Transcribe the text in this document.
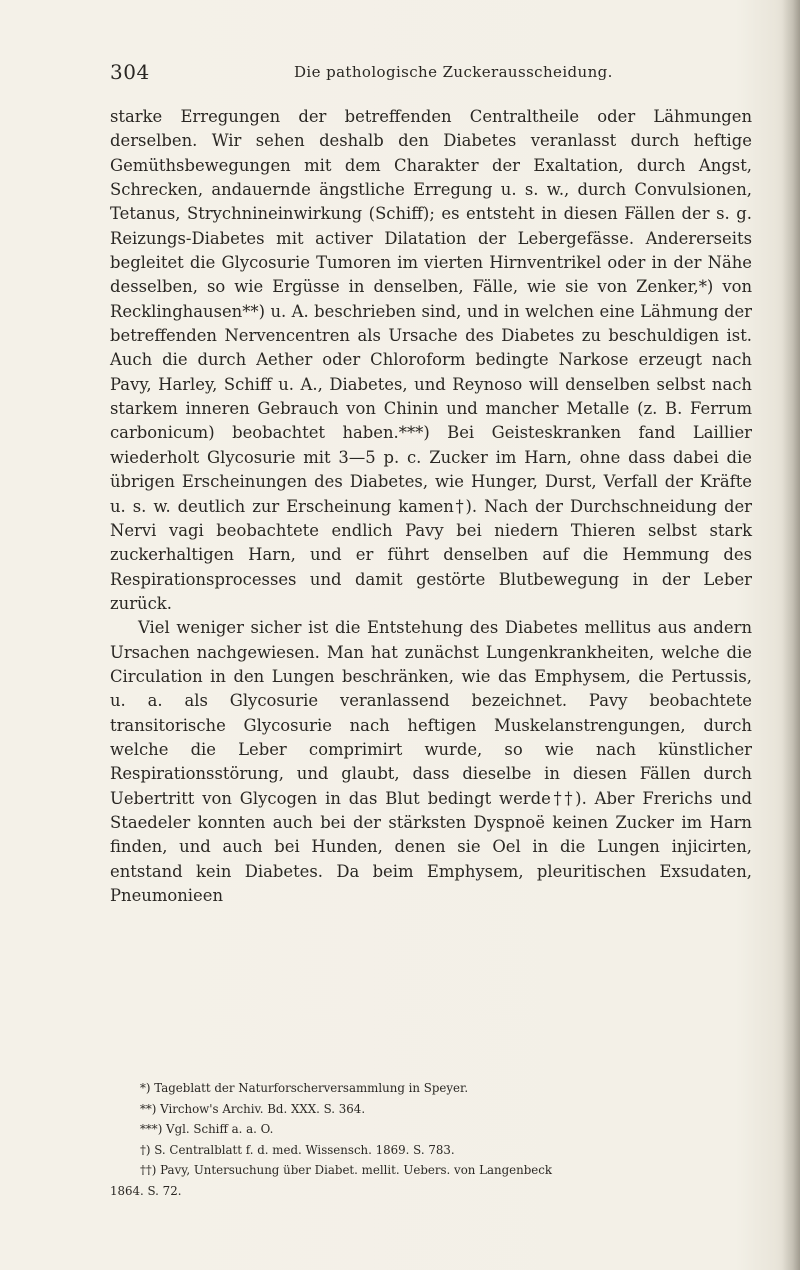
304	Die pathologische Zuckerausscheidung.

starke Erregungen der betreffenden Centraltheile oder Lähmungen derselben. Wir sehen deshalb den Diabetes veranlasst durch heftige Gemüthsbewegungen mit dem Charakter der Exaltation, durch Angst, Schrecken, andauernde ängstliche Erregung u. s. w., durch Convulsionen, Tetanus, Strychnineinwirkung (Schiff); es entsteht in diesen Fällen der s. g. Reizungs-Diabetes mit activer Dilatation der Lebergefässe. Andererseits begleitet die Glycosurie Tumoren im vierten Hirnventrikel oder in der Nähe desselben, so wie Ergüsse in denselben, Fälle, wie sie von Zenker,*) von Recklinghausen**) u. A. beschrieben sind, und in welchen eine Lähmung der betreffenden Nervencentren als Ursache des Diabetes zu beschuldigen ist. Auch die durch Aether oder Chloroform bedingte Narkose erzeugt nach Pavy, Harley, Schiff u. A., Diabetes, und Reynoso will denselben selbst nach starkem inneren Gebrauch von Chinin und mancher Metalle (z. B. Ferrum carbonicum) beobachtet haben.***) Bei Geisteskranken fand Laillier wiederholt Glycosurie mit 3—5 p. c. Zucker im Harn, ohne dass dabei die übrigen Erscheinungen des Diabetes, wie Hunger, Durst, Verfall der Kräfte u. s. w. deutlich zur Erscheinung kamen†). Nach der Durchschneidung der Nervi vagi beobachtete endlich Pavy bei niedern Thieren selbst stark zuckerhaltigen Harn, und er führt denselben auf die Hemmung des Respirationsprocesses und damit gestörte Blutbewegung in der Leber zurück.

Viel weniger sicher ist die Entstehung des Diabetes mellitus aus andern Ursachen nachgewiesen. Man hat zunächst Lungenkrankheiten, welche die Circulation in den Lungen beschränken, wie das Emphysem, die Pertussis, u. a. als Glycosurie veranlassend bezeichnet. Pavy beobachtete transitorische Glycosurie nach heftigen Muskelanstrengungen, durch welche die Leber comprimirt wurde, so wie nach künstlicher Respirationsstörung, und glaubt, dass dieselbe in diesen Fällen durch Uebertritt von Glycogen in das Blut bedingt werde††). Aber Frerichs und Staedeler konnten auch bei der stärksten Dyspnoë keinen Zucker im Harn finden, und auch bei Hunden, denen sie Oel in die Lungen injicirten, entstand kein Diabetes. Da beim Emphysem, pleuritischen Exsudaten, Pneumonieen

*) Tageblatt der Naturforscherversammlung in Speyer.
**) Virchow's Archiv. Bd. XXX. S. 364.
***) Vgl. Schiff a. a. O.
†) S. Centralblatt f. d. med. Wissensch. 1869. S. 783.
††) Pavy, Untersuchung über Diabet. mellit. Uebers. von Langenbeck
1864. S. 72.
